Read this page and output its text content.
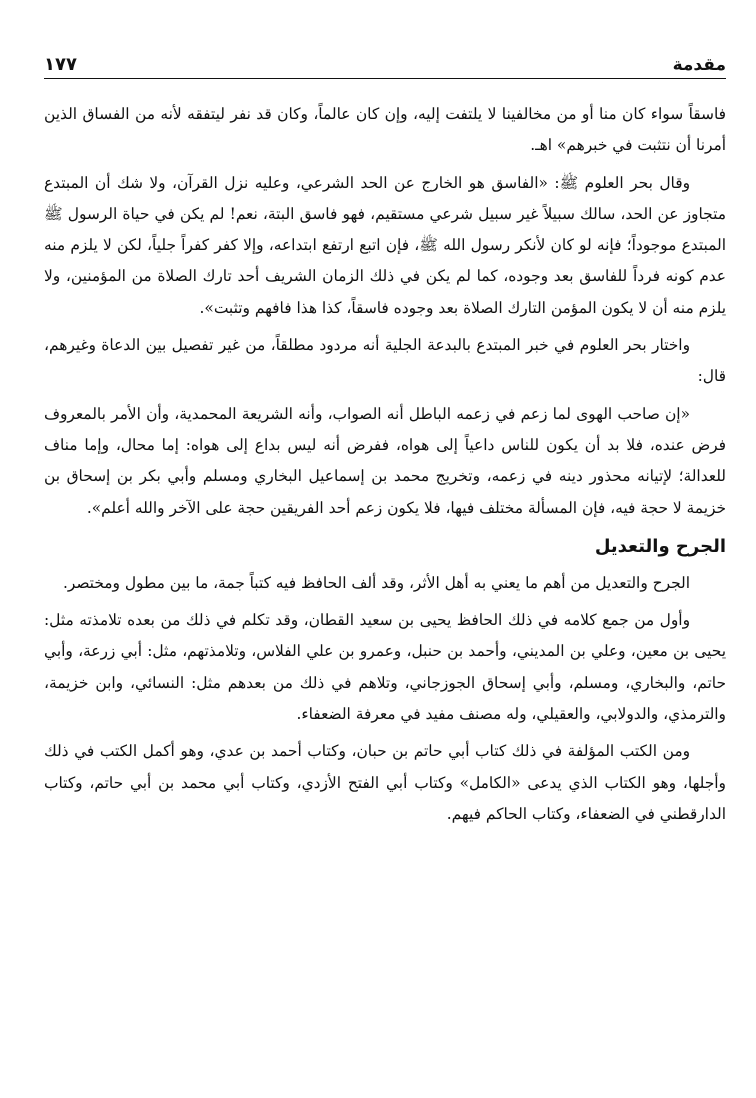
مقدمة
١٧٧

فاسقاً سواء كان منا أو من مخالفينا لا يلتفت إليه، وإن كان عالماً، وكان قد نفر ليتفقه لأنه من الفساق الذين أمرنا أن نتثبت في خبرهم» اهـ.

وقال بحر العلوم ﷺ: «الفاسق هو الخارج عن الحد الشرعي، وعليه نزل القرآن، ولا شك أن المبتدع متجاوز عن الحد، سالك سبيلاً غير سبيل شرعي مستقيم، فهو فاسق البتة، نعم! لم يكن في حياة الرسول ﷺ المبتدع موجوداً؛ فإنه لو كان لأنكر رسول الله ﷺ، فإن اتبع ارتفع ابتداعه، وإلا كفر كفراً جلياً، لكن لا يلزم منه عدم كونه فرداً للفاسق بعد وجوده، كما لم يكن في ذلك الزمان الشريف أحد تارك الصلاة من المؤمنين، ولا يلزم منه أن لا يكون المؤمن التارك الصلاة بعد وجوده فاسقاً، كذا هذا فافهم وتثبت».

واختار بحر العلوم في خبر المبتدع بالبدعة الجلية أنه مردود مطلقاً، من غير تفصيل بين الدعاة وغيرهم، قال:

«إن صاحب الهوى لما زعم في زعمه الباطل أنه الصواب، وأنه الشريعة المحمدية، وأن الأمر بالمعروف فرض عنده، فلا بد أن يكون للناس داعياً إلى هواه، ففرض أنه ليس بداع إلى هواه: إما محال، وإما مناف للعدالة؛ لإتيانه محذور دينه في زعمه، وتخريج محمد بن إسماعيل البخاري ومسلم وأبي بكر بن إسحاق بن خزيمة لا حجة فيه، فإن المسألة مختلف فيها، فلا يكون زعم أحد الفريقين حجة على الآخر والله أعلم».

الجرح والتعديل

الجرح والتعديل من أهم ما يعني به أهل الأثر، وقد ألف الحافظ فيه كتباً جمة، ما بين مطول ومختصر.

وأول من جمع كلامه في ذلك الحافظ يحيى بن سعيد القطان، وقد تكلم في ذلك من بعده تلامذته مثل: يحيى بن معين، وعلي بن المديني، وأحمد بن حنبل، وعمرو بن علي الفلاس، وتلامذتهم، مثل: أبي زرعة، وأبي حاتم، والبخاري، ومسلم، وأبي إسحاق الجوزجاني، وتلاهم في ذلك من بعدهم مثل: النسائي، وابن خزيمة، والترمذي، والدولابي، والعقيلي، وله مصنف مفيد في معرفة الضعفاء.

ومن الكتب المؤلفة في ذلك كتاب أبي حاتم بن حبان، وكتاب أحمد بن عدي، وهو أكمل الكتب في ذلك وأجلها، وهو الكتاب الذي يدعى «الكامل» وكتاب أبي الفتح الأزدي، وكتاب أبي محمد بن أبي حاتم، وكتاب الدارقطني في الضعفاء، وكتاب الحاكم فيهم.
